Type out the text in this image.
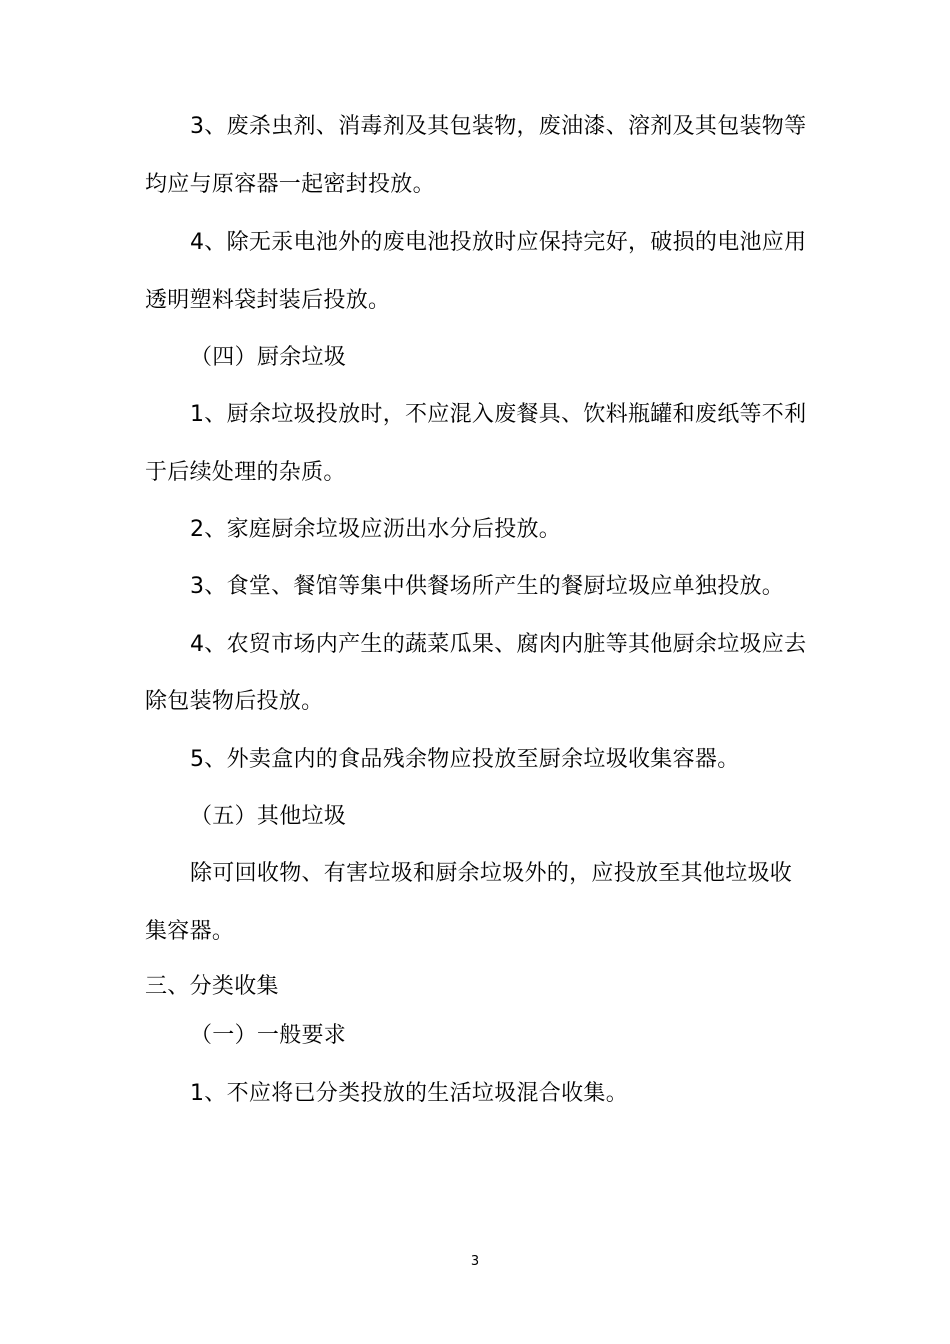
3、废杀虫剂、消毒剂及其包装物，废油漆、溶剂及其包装物等
均应与原容器一起密封投放。
4、除无汞电池外的废电池投放时应保持完好，破损的电池应用
透明塑料袋封装后投放。
（四）厨余垃圾
1、厨余垃圾投放时，不应混入废餐具、饮料瓶罐和废纸等不利
于后续处理的杂质。
2、家庭厨余垃圾应沥出水分后投放。
3、食堂、餐馆等集中供餐场所产生的餐厨垃圾应单独投放。
4、农贸市场内产生的蔬菜瓜果、腐肉内脏等其他厨余垃圾应去
除包装物后投放。
5、外卖盒内的食品残余物应投放至厨余垃圾收集容器。
（五）其他垃圾
除可回收物、有害垃圾和厨余垃圾外的，应投放至其他垃圾收
集容器。
三、分类收集
（一）一般要求
1、不应将已分类投放的生活垃圾混合收集。
3
